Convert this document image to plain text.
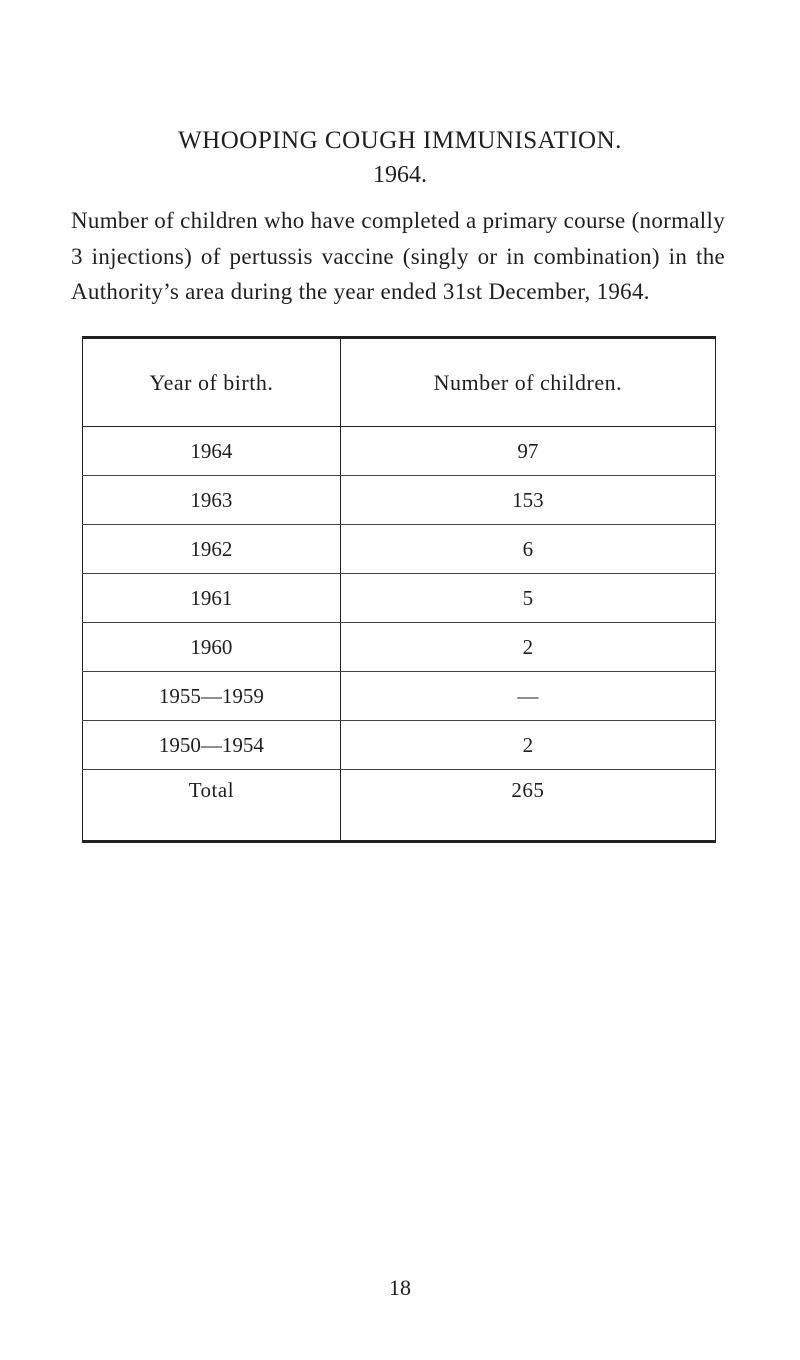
WHOOPING COUGH IMMUNISATION.
1964.

Number of children who have completed a primary course (normally 3 injections) of pertussis vaccine (singly or in combination) in the Authority’s area during the year ended 31st December, 1964.

Year of birth.	Number of children.
1964	97
1963	153
1962	6
1961	5
1960	2
1955—1959	—
1950—1954	2
Total	265
18
